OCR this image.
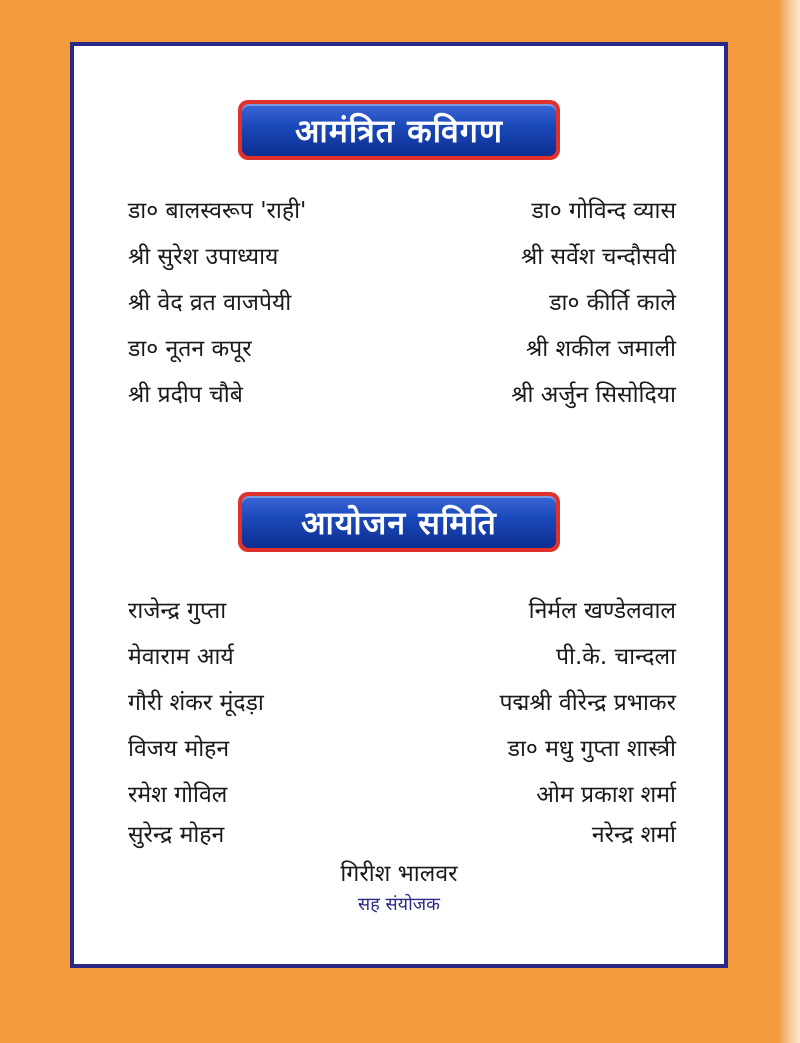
आमंत्रित कविगण
डा० बालस्वरूप 'राही'
श्री सुरेश उपाध्याय
श्री वेद व्रत वाजपेयी
डा० नूतन कपूर
श्री प्रदीप चौबे
डा० गोविन्द व्यास
श्री सर्वेश चन्दौसवी
डा० कीर्ति काले
श्री शकील जमाली
श्री अर्जुन सिसोदिया
आयोजन समिति
राजेन्द्र गुप्ता
मेवाराम आर्य
गौरी शंकर मूंदड़ा
विजय मोहन
रमेश गोविल
सुरेन्द्र मोहन
निर्मल खण्डेलवाल
पी.के. चान्दला
पद्मश्री वीरेन्द्र प्रभाकर
डा० मधु गुप्ता शास्त्री
ओम प्रकाश शर्मा
नरेन्द्र शर्मा
गिरीश भालवर
सह संयोजक
